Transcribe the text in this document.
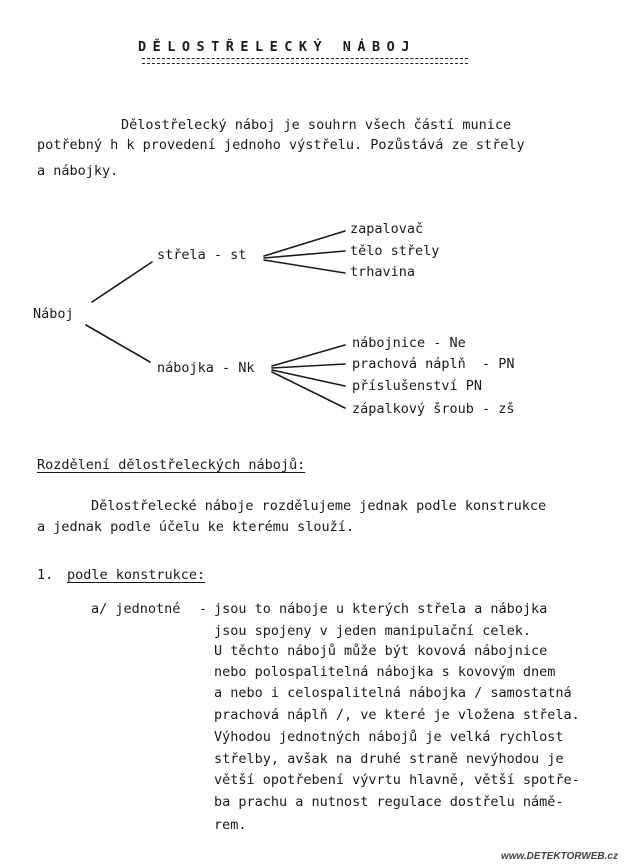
DĚLOSTŘELECKÝ NÁBOJ
Dělostřelecký náboj je souhrn všech částí munice
potřebný h k provedení jednoho výstřelu. Pozůstává ze střely
a nábojky.
Náboj
střela - st
nábojka - Nk
zapalovač
tělo střely
trhavina
nábojnice - Ne
prachová náplň  - PN
příslušenství PN
zápalkový šroub - zš
Rozdělení dělostřeleckých nábojů:
Dělostřelecké náboje rozdělujeme jednak podle konstrukce
a jednak podle účelu ke kterému slouží.
1. podle konstrukce:
a/ jednotné - jsou to náboje u kterých střela a nábojka
jsou spojeny v jeden manipulační celek.
U těchto nábojů může být kovová nábojnice
nebo polospalitelná nábojka s kovovým dnem
a nebo i celospalitelná nábojka / samostatná
prachová náplň /, ve které je vložena střela.
Výhodou jednotných nábojů je velká rychlost
střelby, avšak na druhé straně nevýhodou je
větší opotřebení vývrtu hlavně, větší spotře-
ba prachu a nutnost regulace dostřelu námě-
rem.
www.DETEKTORWEB.cz
